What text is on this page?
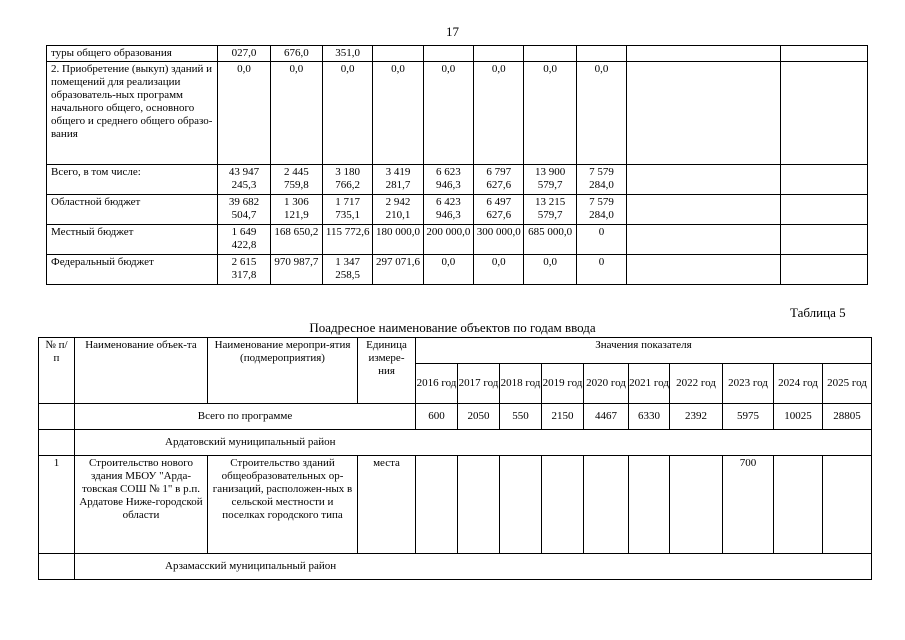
17
туры общего образования	027,0	676,0	351,0							
2. Приобретение (выкуп) зданий и помещений для реализации образователь-ных программ начального общего, основного общего и среднего общего образо-вания	0,0	0,0	0,0	0,0	0,0	0,0	0,0	0,0		
Всего, в том числе:	43 947 245,3	2 445 759,8	3 180 766,2	3 419 281,7	6 623 946,3	6 797 627,6	13 900 579,7	7 579 284,0		
Областной бюджет	39 682 504,7	1 306 121,9	1 717 735,1	2 942 210,1	6 423 946,3	6 497 627,6	13 215 579,7	7 579 284,0		
Местный бюджет	1 649 422,8	168 650,2	115 772,6	180 000,0	200 000,0	300 000,0	685 000,0	0		
Федеральный бюджет	2 615 317,8	970 987,7	1 347 258,5	297 071,6	0,0	0,0	0,0	0		
Таблица 5
Поадресное наименование объектов по годам ввода
№ п/п	Наименование объек-та	Наименование меропри-ятия (подмероприятия)	Единица измере-ния	Значения показателя									
				2016 год	2017 год	2018 год	2019 год	2020 год	2021 год	2022 год	2023 год	2024 год	2025 год
	Всего по программе			600	2050	550	2150	4467	6330	2392	5975	10025	28805
	Ардатовский муниципальный район												
1	Строительство нового здания МБОУ "Арда-товская СОШ № 1" в р.п. Ардатове Ниже-городской области	Строительство зданий общеобразовательных ор-ганизаций, расположен-ных в сельской местности и поселках городского типа	места								700		
	Арзамасский муниципальный район												
